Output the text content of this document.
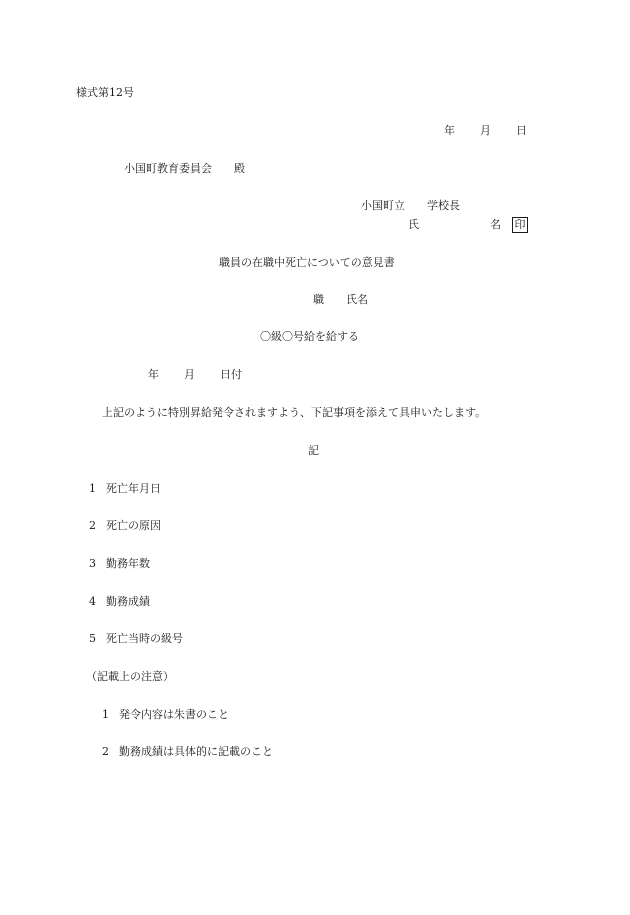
様式第12号
年 月 日
小国町教育委員会　　殿
小国町立　　学校長
氏	名 印
職員の在職中死亡についての意見書
職　　氏名
〇級〇号給を給する
年 月 日付
上記のように特別昇給発令されますよう、下記事項を添えて具申いたします。
記
1 死亡年月日
2 死亡の原因
3 勤務年数
4 勤務成績
5 死亡当時の級号
（記載上の注意）
1 発令内容は朱書のこと
2 勤務成績は具体的に記載のこと
